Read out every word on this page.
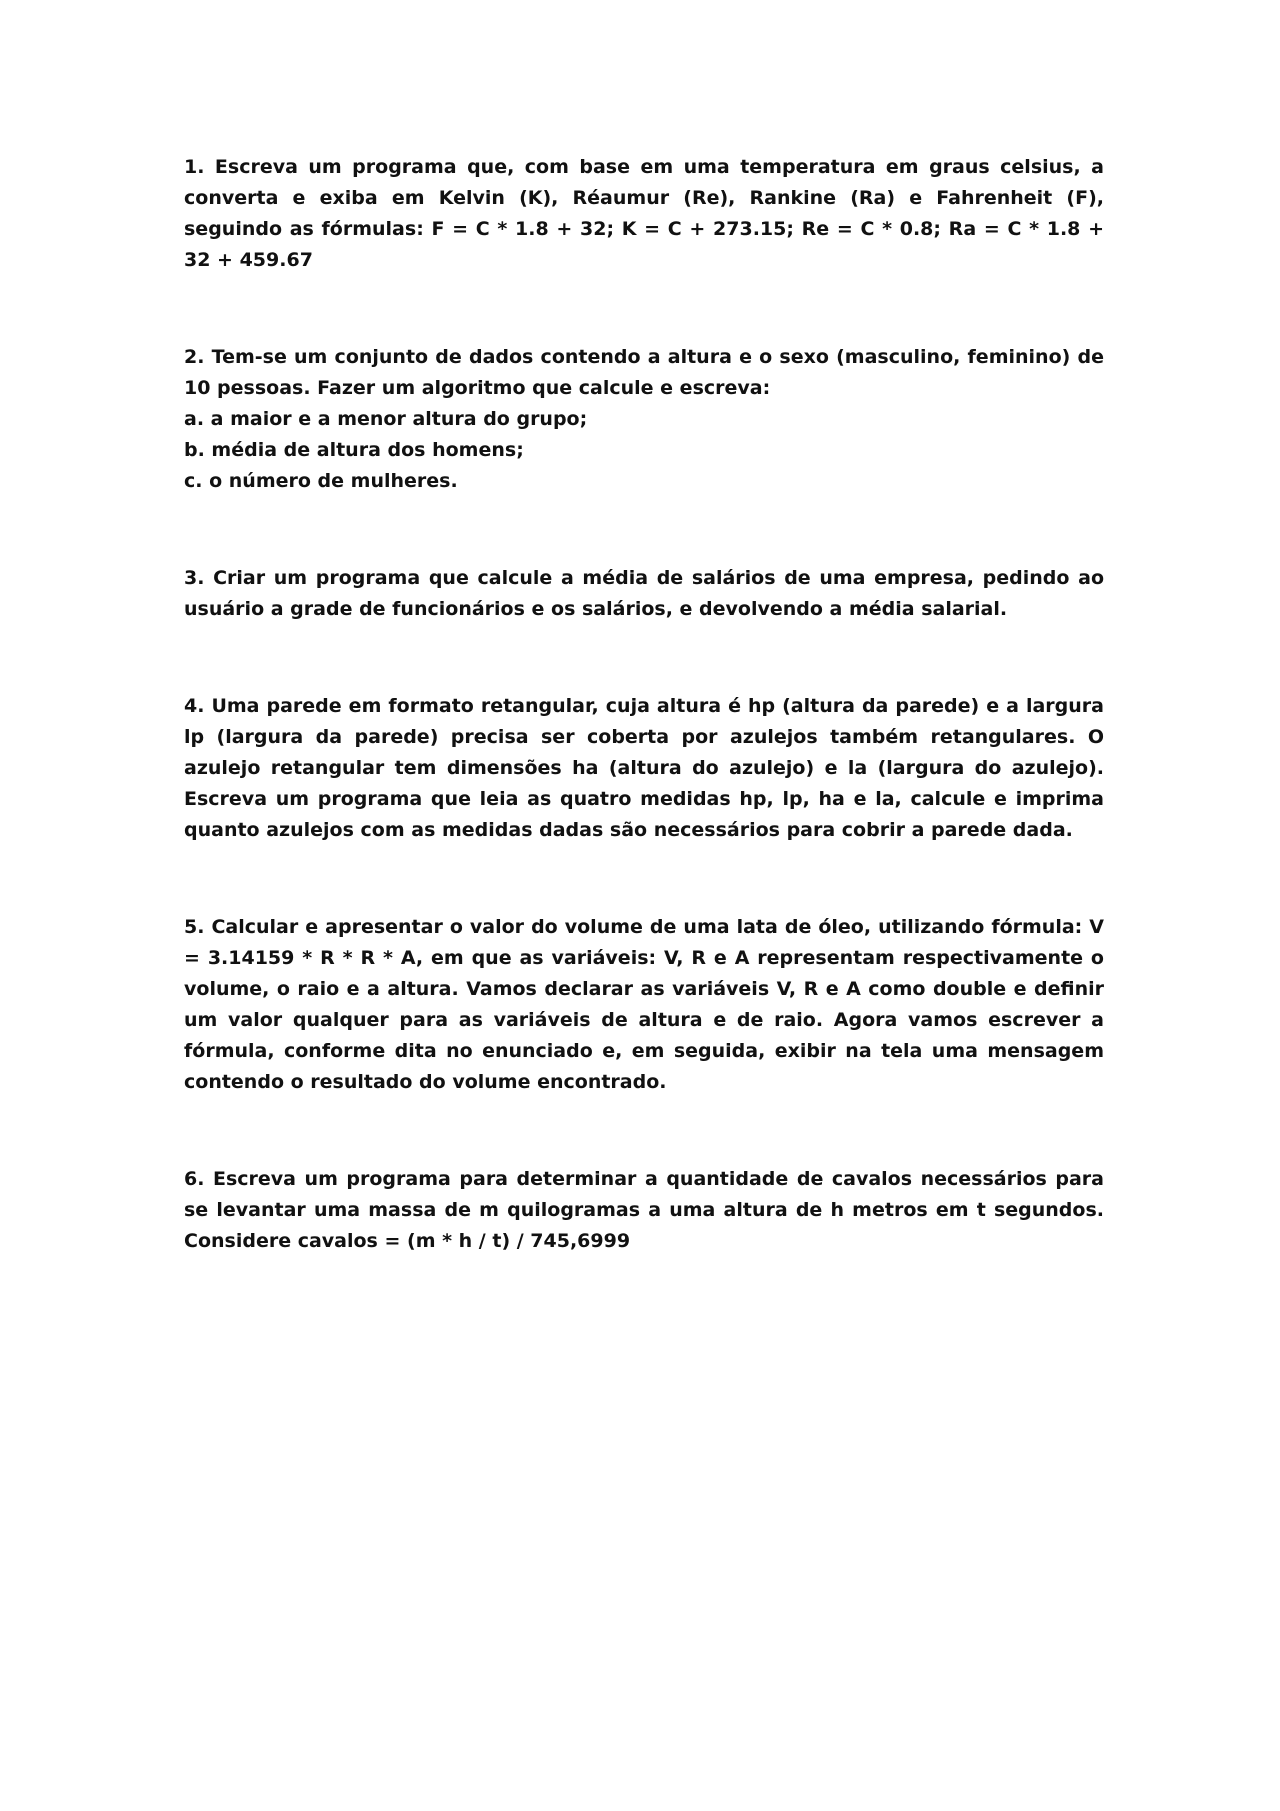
1. Escreva um programa que, com base em uma temperatura em graus celsius, a converta e exiba em Kelvin (K), Réaumur (Re), Rankine (Ra) e Fahrenheit (F), seguindo as fórmulas: F = C * 1.8 + 32; K = C + 273.15; Re = C * 0.8; Ra = C * 1.8 + 32 + 459.67

2. Tem-se um conjunto de dados contendo a altura e o sexo (masculino, feminino) de 10 pessoas. Fazer um algoritmo que calcule e escreva:

a. a maior e a menor altura do grupo;
b. média de altura dos homens;
c. o número de mulheres.

3. Criar um programa que calcule a média de salários de uma empresa, pedindo ao usuário a grade de funcionários e os salários, e devolvendo a média salarial.

4. Uma parede em formato retangular, cuja altura é hp (altura da parede) e a largura lp (largura da parede) precisa ser coberta por azulejos também retangulares. O azulejo retangular tem dimensões ha (altura do azulejo) e la (largura do azulejo). Escreva um programa que leia as quatro medidas hp, lp, ha e la, calcule e imprima quanto azulejos com as medidas dadas são necessários para cobrir a parede dada.

5. Calcular e apresentar o valor do volume de uma lata de óleo, utilizando fórmula: V = 3.14159 * R * R * A, em que as variáveis: V, R e A representam respectivamente o volume, o raio e a altura. Vamos declarar as variáveis V, R e A como double e definir um valor qualquer para as variáveis de altura e de raio. Agora vamos escrever a fórmula, conforme dita no enunciado e, em seguida, exibir na tela uma mensagem contendo o resultado do volume encontrado.

6. Escreva um programa para determinar a quantidade de cavalos necessários para se levantar uma massa de m quilogramas a uma altura de h metros em t segundos. Considere cavalos = (m * h / t) / 745,6999
